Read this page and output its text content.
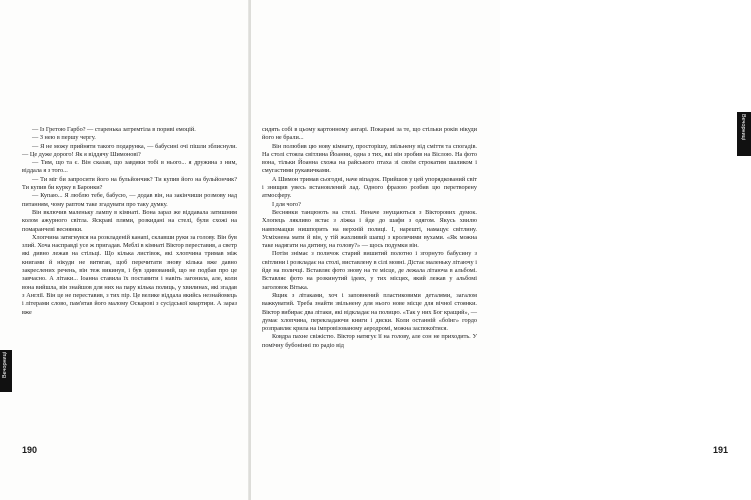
— Із Гретою Гарбо? — старенька затремтіла в пориві емоцій.

— З нею в першу чергу.

— Я не можу прийняти такого подарунка, — бабусині очі пішли зблиснули. — Це дуже дорого! Як я віддячу Шимонові?

— Тим, що та є. Він сказав, що завдяки тобі в нього... я дружина з ним, віддала я з того...

— Ти міг би запросити його на бульйончик? Ти купив його на бульйончик? Ти купив би курку в Баронки?

— Купаю... Я люблю тебе, бабусю, — додав він, на закінчиши розмову над питанням, чому раптом таке згадувати про таку думку.

Він включив маленьку лампу в кімнаті. Вона зараз же віддавала затишним колом ажурного світла. Яскраві плями, розкидані на стелі, були схожі на помаранчеві веснянки.

Хлопчина затягнувся на розкладеній канапі, склавши руки за голову. Він був злий. Хоча насправді усе ж пригадав. Меблі в кімнаті Віктор переставив, а светр які дивно лежав на стільці. Що кілька листівок, які хлопчина тримав між книгами й нікуди не витягав, щоб перечитати знову кілька вже давно закреслених речень, він теж викинув, і був здивований, що не подбав про це завчасно. А літаки... Іоанна ставила їх поставити і навіть загонила, але, коли вона вийшла, він знайшов для них на пару кілька полиць, у хвилинах, які згадав з Англії. Він це не переставив, з тих пір. Це велике віддала якийсь незнайомець і літерами слово, пам'ятав його малому Оскарові з сусідської квартири. А зараз вже

190
Вечорниці
Вечорниці
191

сидять собі в цьому картонному ангарі. Покарані за те, що стільки років нікуди його не брали...

Він полюбив цю нову кімнату, просторішу, звільнену від сміття та спогадів. На столі стояла світлина Йоанни, одна з тих, які він зробив на Віслою. На фото вона, тільки Йоанна схожа на райського птаха зі своїм строкатим шаликом і смугастими рукавичками.

А Шимон тримав сьогодні, наче віпадок. Прийшов у цей упорядкований світ і знищив увесь встановлений лад. Одного фразою розбив цю перетворену атмосферу.

І для чого?

Веснянки танцюють на стелі. Неначе знущаються з Вікторових думок. Хлопець лякливо встає з ліжка і йде до шафи з одягом. Якусь хвилю навпомацки нишпорить на верхній полиці. І, нарешті, намацує світлину. Усміхнена мати й він, у тій жахливий шапці з кролячими вухами. «Як можна таке надягати на дитину, на голову?» — щось подумки він.

Потім знімає з поличок старий вишитий полотно і згорнуто бабусину з світлини і розкладає на столі, виставлену в сілі мовні. Дістає маленьку літаючу і йде на поличці. Вставляє фото знову на те місце, де лежала літаюча в альбомі. Вставляє фото на розкинутий ідеях, у тих місцях, який лежав у альбомі заголовок Вітька.

Ящик з літаками, хоч і заповнений пластиковими деталями, загалом важкуватий. Треба знайти звільнену для нього нове місце для вічної стоянки. Віктор вибирає два літаки, які відкладає на полицю. «Так у них Бог кращий», — думає хлопчина, перекладаючи книги і диски. Коли останній «боїнг» гордо розправляє крила на імпровізованому аеродромі, можна заспокоїтися.

Ковдра пахне свіжістю. Віктор натягує її на голову, але сон не приходить. У помічну бубонінні по радіо від
